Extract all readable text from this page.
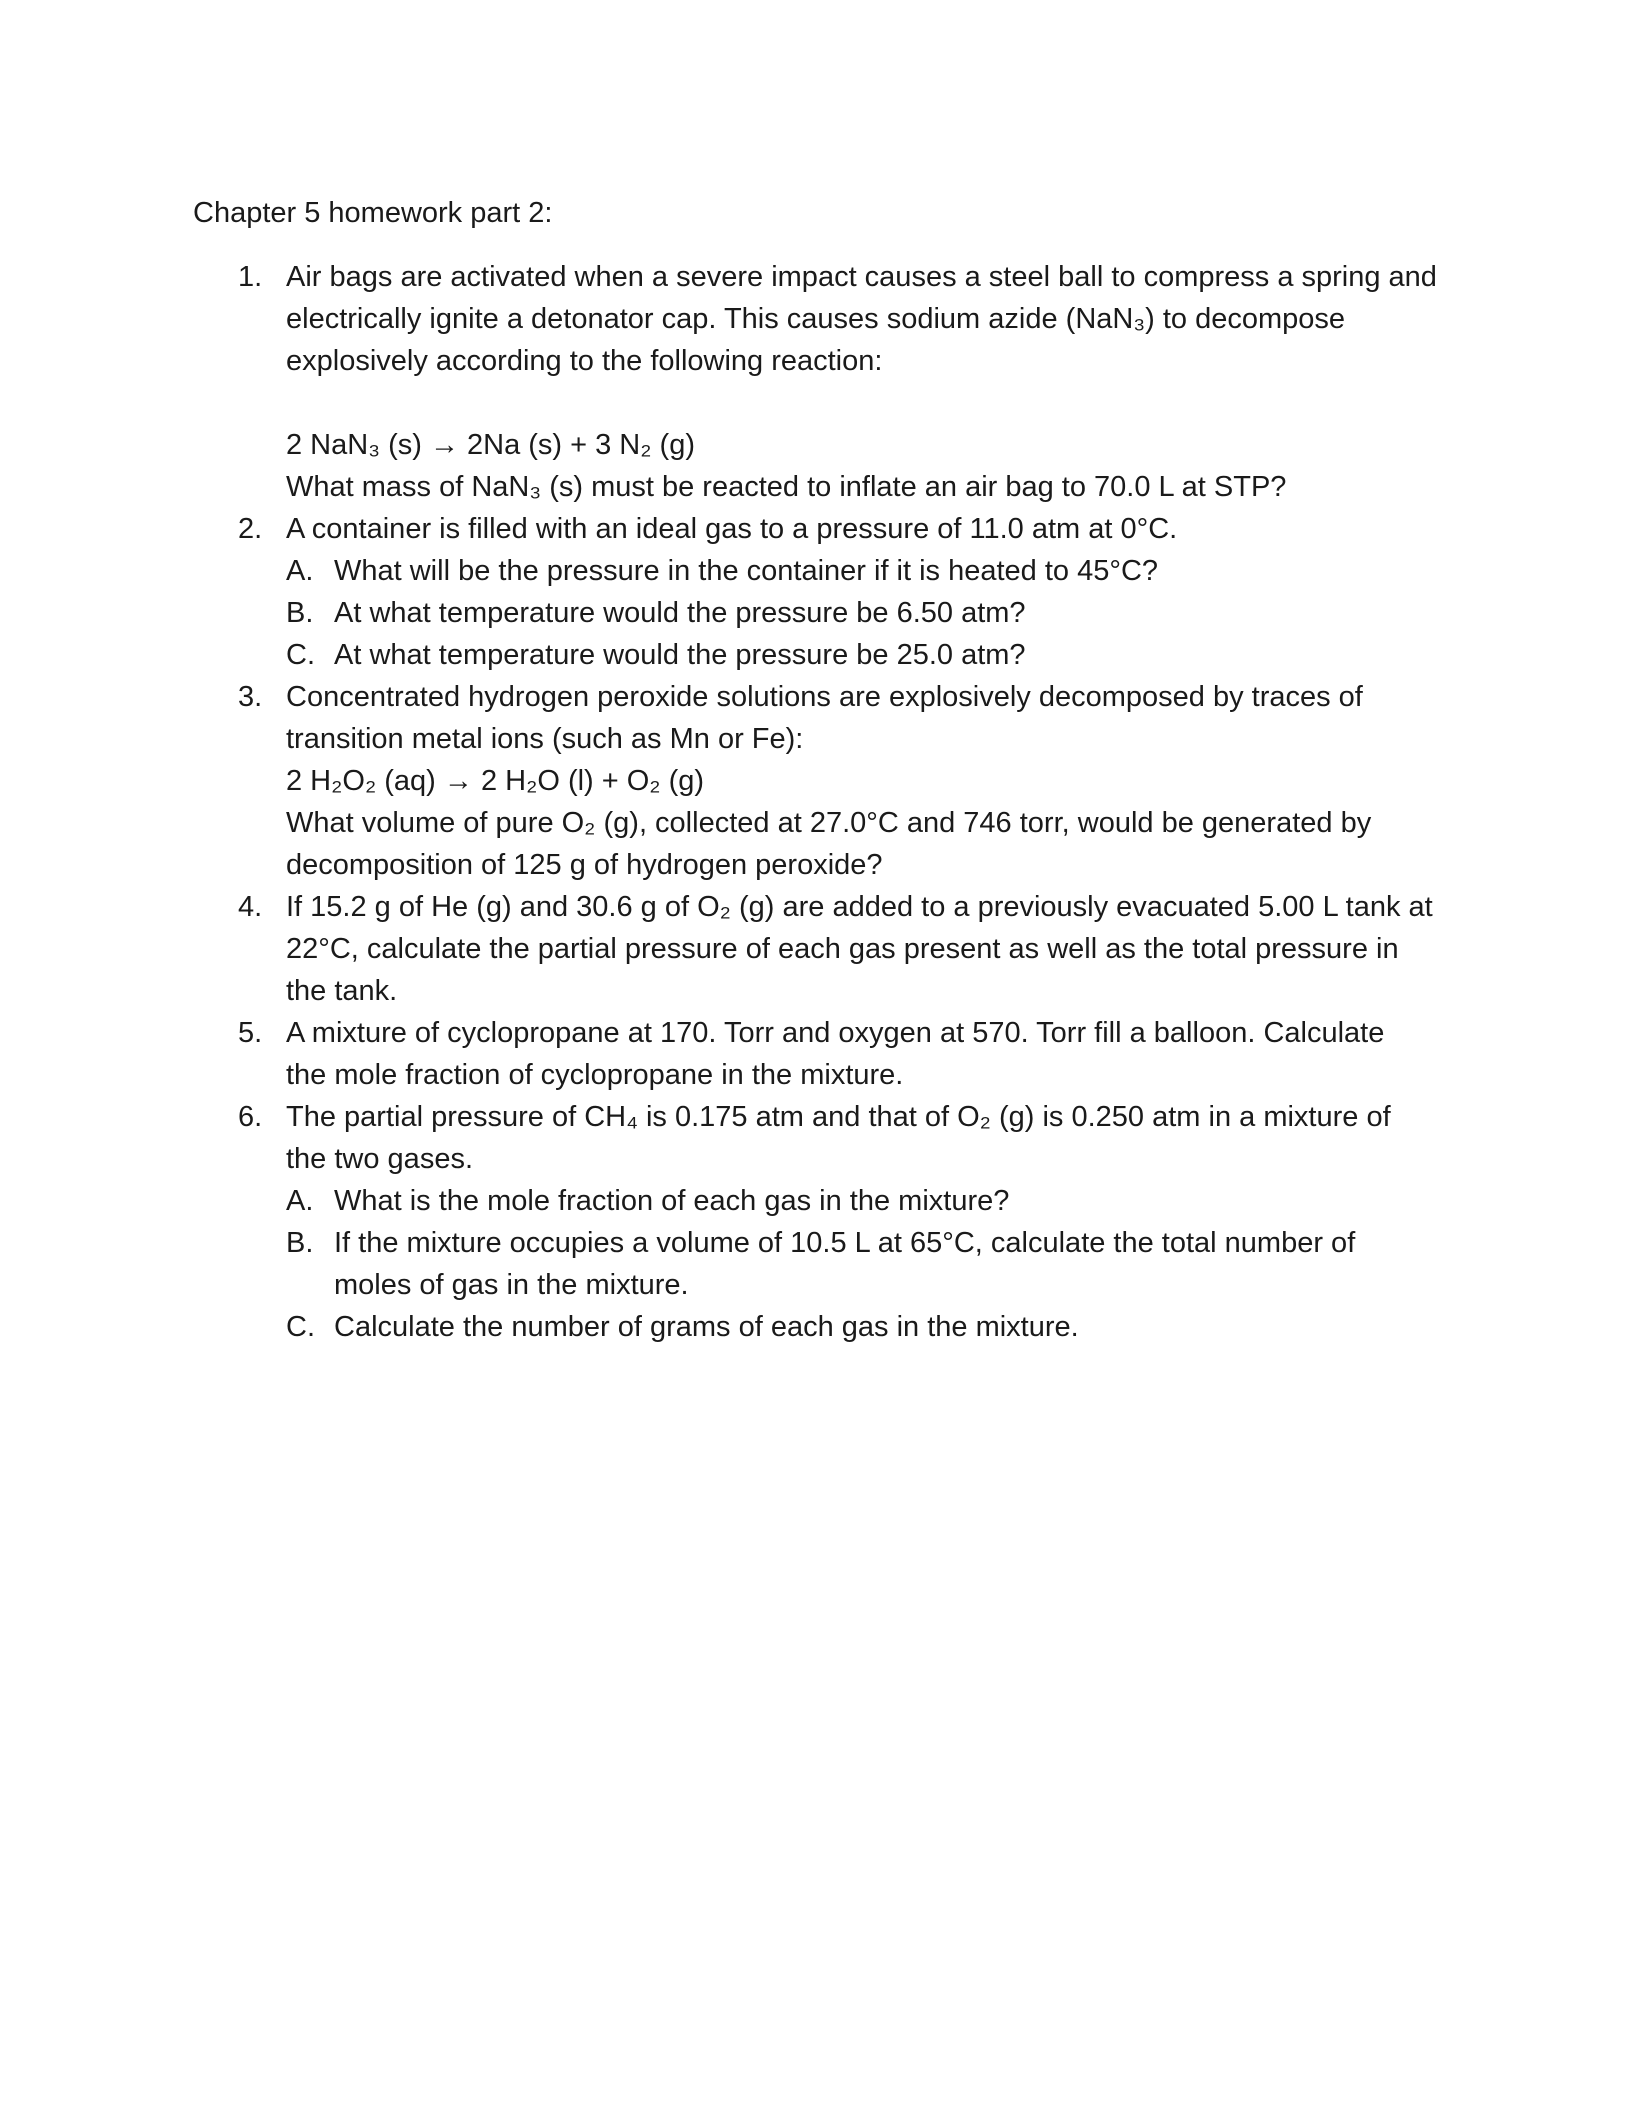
Chapter 5 homework part 2:
1. Air bags are activated when a severe impact causes a steel ball to compress a spring and
electrically ignite a detonator cap. This causes sodium azide (NaN₃) to decompose
explosively according to the following reaction:
2 NaN₃ (s) → 2Na (s) + 3 N₂ (g)
What mass of NaN₃ (s) must be reacted to inflate an air bag to 70.0 L at STP?
2. A container is filled with an ideal gas to a pressure of 11.0 atm at 0°C.
A. What will be the pressure in the container if it is heated to 45°C?
B. At what temperature would the pressure be 6.50 atm?
C. At what temperature would the pressure be 25.0 atm?
3. Concentrated hydrogen peroxide solutions are explosively decomposed by traces of
transition metal ions (such as Mn or Fe):
2 H₂O₂ (aq) → 2 H₂O (l) + O₂ (g)
What volume of pure O₂ (g), collected at 27.0°C and 746 torr, would be generated by
decomposition of 125 g of hydrogen peroxide?
4. If 15.2 g of He (g) and 30.6 g of O₂ (g) are added to a previously evacuated 5.00 L tank at
22°C, calculate the partial pressure of each gas present as well as the total pressure in
the tank.
5. A mixture of cyclopropane at 170. Torr and oxygen at 570. Torr fill a balloon. Calculate
the mole fraction of cyclopropane in the mixture.
6. The partial pressure of CH₄ is 0.175 atm and that of O₂ (g) is 0.250 atm in a mixture of
the two gases.
A. What is the mole fraction of each gas in the mixture?
B. If the mixture occupies a volume of 10.5 L at 65°C, calculate the total number of
moles of gas in the mixture.
C. Calculate the number of grams of each gas in the mixture.
